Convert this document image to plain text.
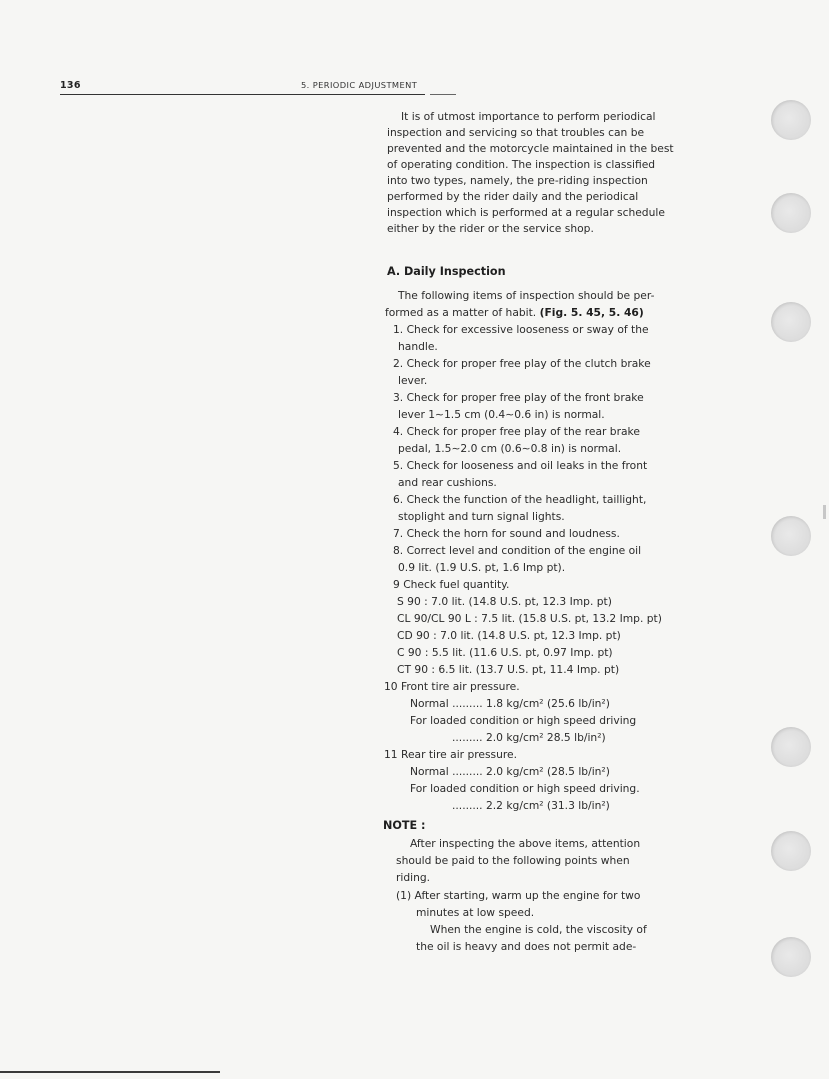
136	5. PERIODIC ADJUSTMENT
It is of utmost importance to perform periodical
inspection and servicing so that troubles can be
prevented and the motorcycle maintained in the best
of operating condition. The inspection is classified
into two types, namely, the pre-riding inspection
performed by the rider daily and the periodical
inspection which is performed at a regular schedule
either by the rider or the service shop.
A. Daily Inspection
The following items of inspection should be per-
formed as a matter of habit. (Fig. 5. 45, 5. 46)
1. Check for excessive looseness or sway of the
handle.
2. Check for proper free play of the clutch brake
lever.
3. Check for proper free play of the front brake
lever 1∼1.5 cm (0.4∼0.6 in) is normal.
4. Check for proper free play of the rear brake
pedal, 1.5∼2.0 cm (0.6∼0.8 in) is normal.
5. Check for looseness and oil leaks in the front
and rear cushions.
6. Check the function of the headlight, taillight,
stoplight and turn signal lights.
7. Check the horn for sound and loudness.
8. Correct level and condition of the engine oil
0.9 lit. (1.9 U.S. pt, 1.6 Imp pt).
9 Check fuel quantity.
S 90 : 7.0 lit. (14.8 U.S. pt, 12.3 Imp. pt)
CL 90/CL 90 L : 7.5 lit. (15.8 U.S. pt, 13.2 Imp. pt)
CD 90 : 7.0 lit. (14.8 U.S. pt, 12.3 Imp. pt)
C 90 : 5.5 lit. (11.6 U.S. pt, 0.97 Imp. pt)
CT 90 : 6.5 lit. (13.7 U.S. pt, 11.4 Imp. pt)
10 Front tire air pressure.
Normal ......... 1.8 kg/cm² (25.6 lb/in²)
For loaded condition or high speed driving
......... 2.0 kg/cm² 28.5 lb/in²)
11 Rear tire air pressure.
Normal ......... 2.0 kg/cm² (28.5 lb/in²)
For loaded condition or high speed driving.
......... 2.2 kg/cm² (31.3 lb/in²)
NOTE :
After inspecting the above items, attention
should be paid to the following points when
riding.
(1) After starting, warm up the engine for two
minutes at low speed.
When the engine is cold, the viscosity of
the oil is heavy and does not permit ade-
